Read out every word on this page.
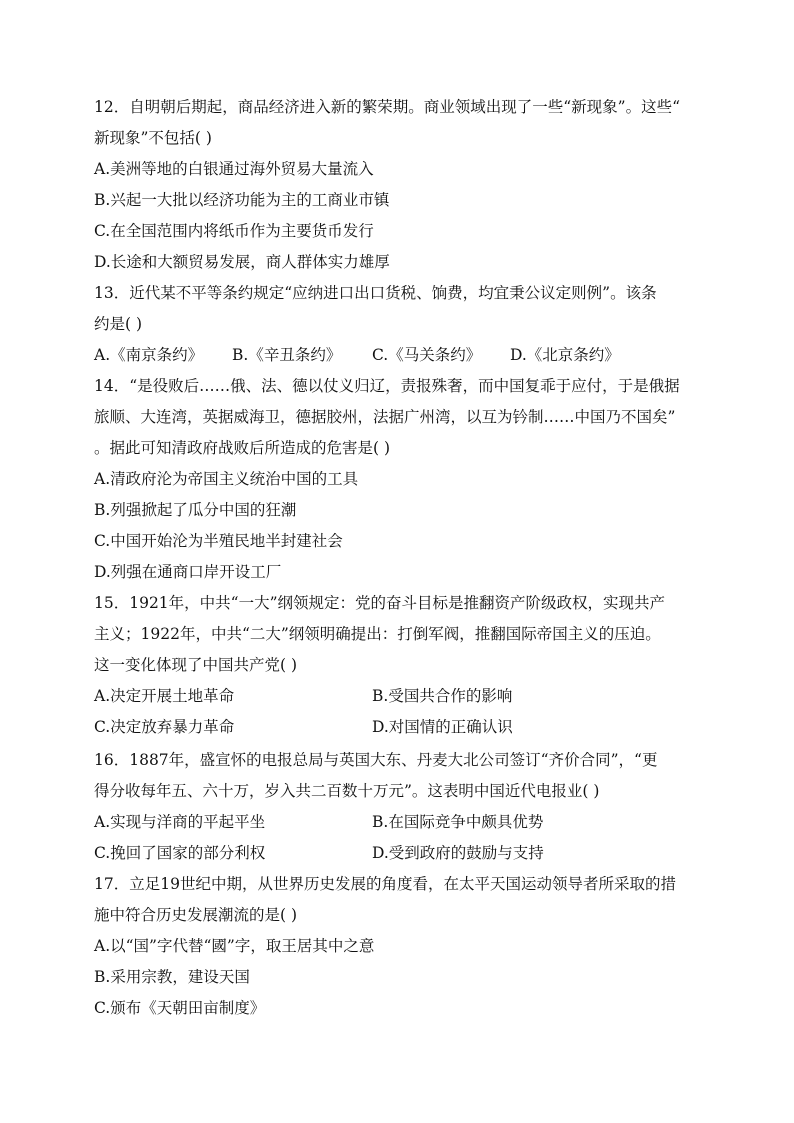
12．自明朝后期起，商品经济进入新的繁荣期。商业领域出现了一些“新现象”。这些“
新现象”不包括( )
A.美洲等地的白银通过海外贸易大量流入
B.兴起一大批以经济功能为主的工商业市镇
C.在全国范围内将纸币作为主要货币发行
D.长途和大额贸易发展，商人群体实力雄厚
13．近代某不平等条约规定“应纳进口出口货税、饷费，均宜秉公议定则例”。该条
约是( )
A.《南京条约》 B.《辛丑条约》 C.《马关条约》 D.《北京条约》
14．“是役败后……俄、法、德以仗义归辽，责报殊奢，而中国复乖于应付，于是俄据
旅顺、大连湾，英据威海卫，德据胶州，法据广州湾，以互为钤制……中国乃不国矣”
。据此可知清政府战败后所造成的危害是( )
A.清政府沦为帝国主义统治中国的工具
B.列强掀起了瓜分中国的狂潮
C.中国开始沦为半殖民地半封建社会
D.列强在通商口岸开设工厂
15．1921年，中共“一大”纲领规定：党的奋斗目标是推翻资产阶级政权，实现共产
主义；1922年，中共“二大”纲领明确提出：打倒军阀，推翻国际帝国主义的压迫。
这一变化体现了中国共产党( )
A.决定开展土地革命	B.受国共合作的影响
C.决定放弃暴力革命	D.对国情的正确认识
16．1887年，盛宣怀的电报总局与英国大东、丹麦大北公司签订“齐价合同”，“更
得分收每年五、六十万，岁入共二百数十万元”。这表明中国近代电报业( )
A.实现与洋商的平起平坐	B.在国际竞争中颇具优势
C.挽回了国家的部分利权	D.受到政府的鼓励与支持
17．立足19世纪中期，从世界历史发展的角度看，在太平天国运动领导者所采取的措
施中符合历史发展潮流的是( )
A.以“国”字代替“國”字，取王居其中之意
B.采用宗教，建设天国
C.颁布《天朝田亩制度》
